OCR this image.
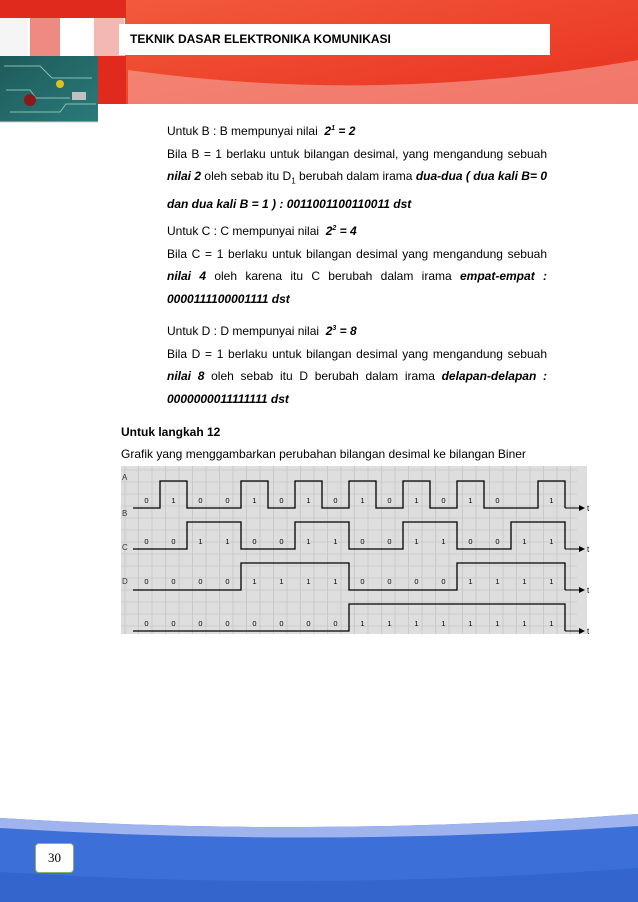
TEKNIK DASAR ELEKTRONIKA KOMUNIKASI

Untuk B : B mempunyai nilai  $2^1 = 2$

Bila B = 1 berlaku untuk bilangan desimal, yang mengandung sebuah nilai 2 oleh sebab itu $D_1$ berubah dalam irama dua-dua ( dua kali B= 0 dan dua kali B = 1 ) : 0011001100110011 dst

Untuk C : C mempunyai nilai  $2^2 = 4$

Bila C = 1 berlaku untuk bilangan desimal yang mengandung sebuah nilai 4 oleh karena itu C berubah dalam irama empat-empat : 0000111100001111 dst

Untuk D : D mempunyai nilai  $2^3 = 8$

Bila D = 1 berlaku untuk bilangan desimal yang mengandung sebuah nilai 8 oleh sebab itu D berubah dalam irama delapan-delapan : 0000000011111111 dst

Untuk langkah 12
Grafik yang menggambarkan perubahan bilangan desimal ke bilangan Biner
A
B
C
D
t
0	1	0	0	1	0	1	0	1	0	1	0	1	0	1
t
0	0	1	1	0	0	1	1	0	0	1	1	0	0	1	1
t
0	0	0	0	1	1	1	1	0	0	0	0	1	1	1	1
t
0	0	0	0	0	0	0	0	1	1	1	1	1	1	1	1
30
